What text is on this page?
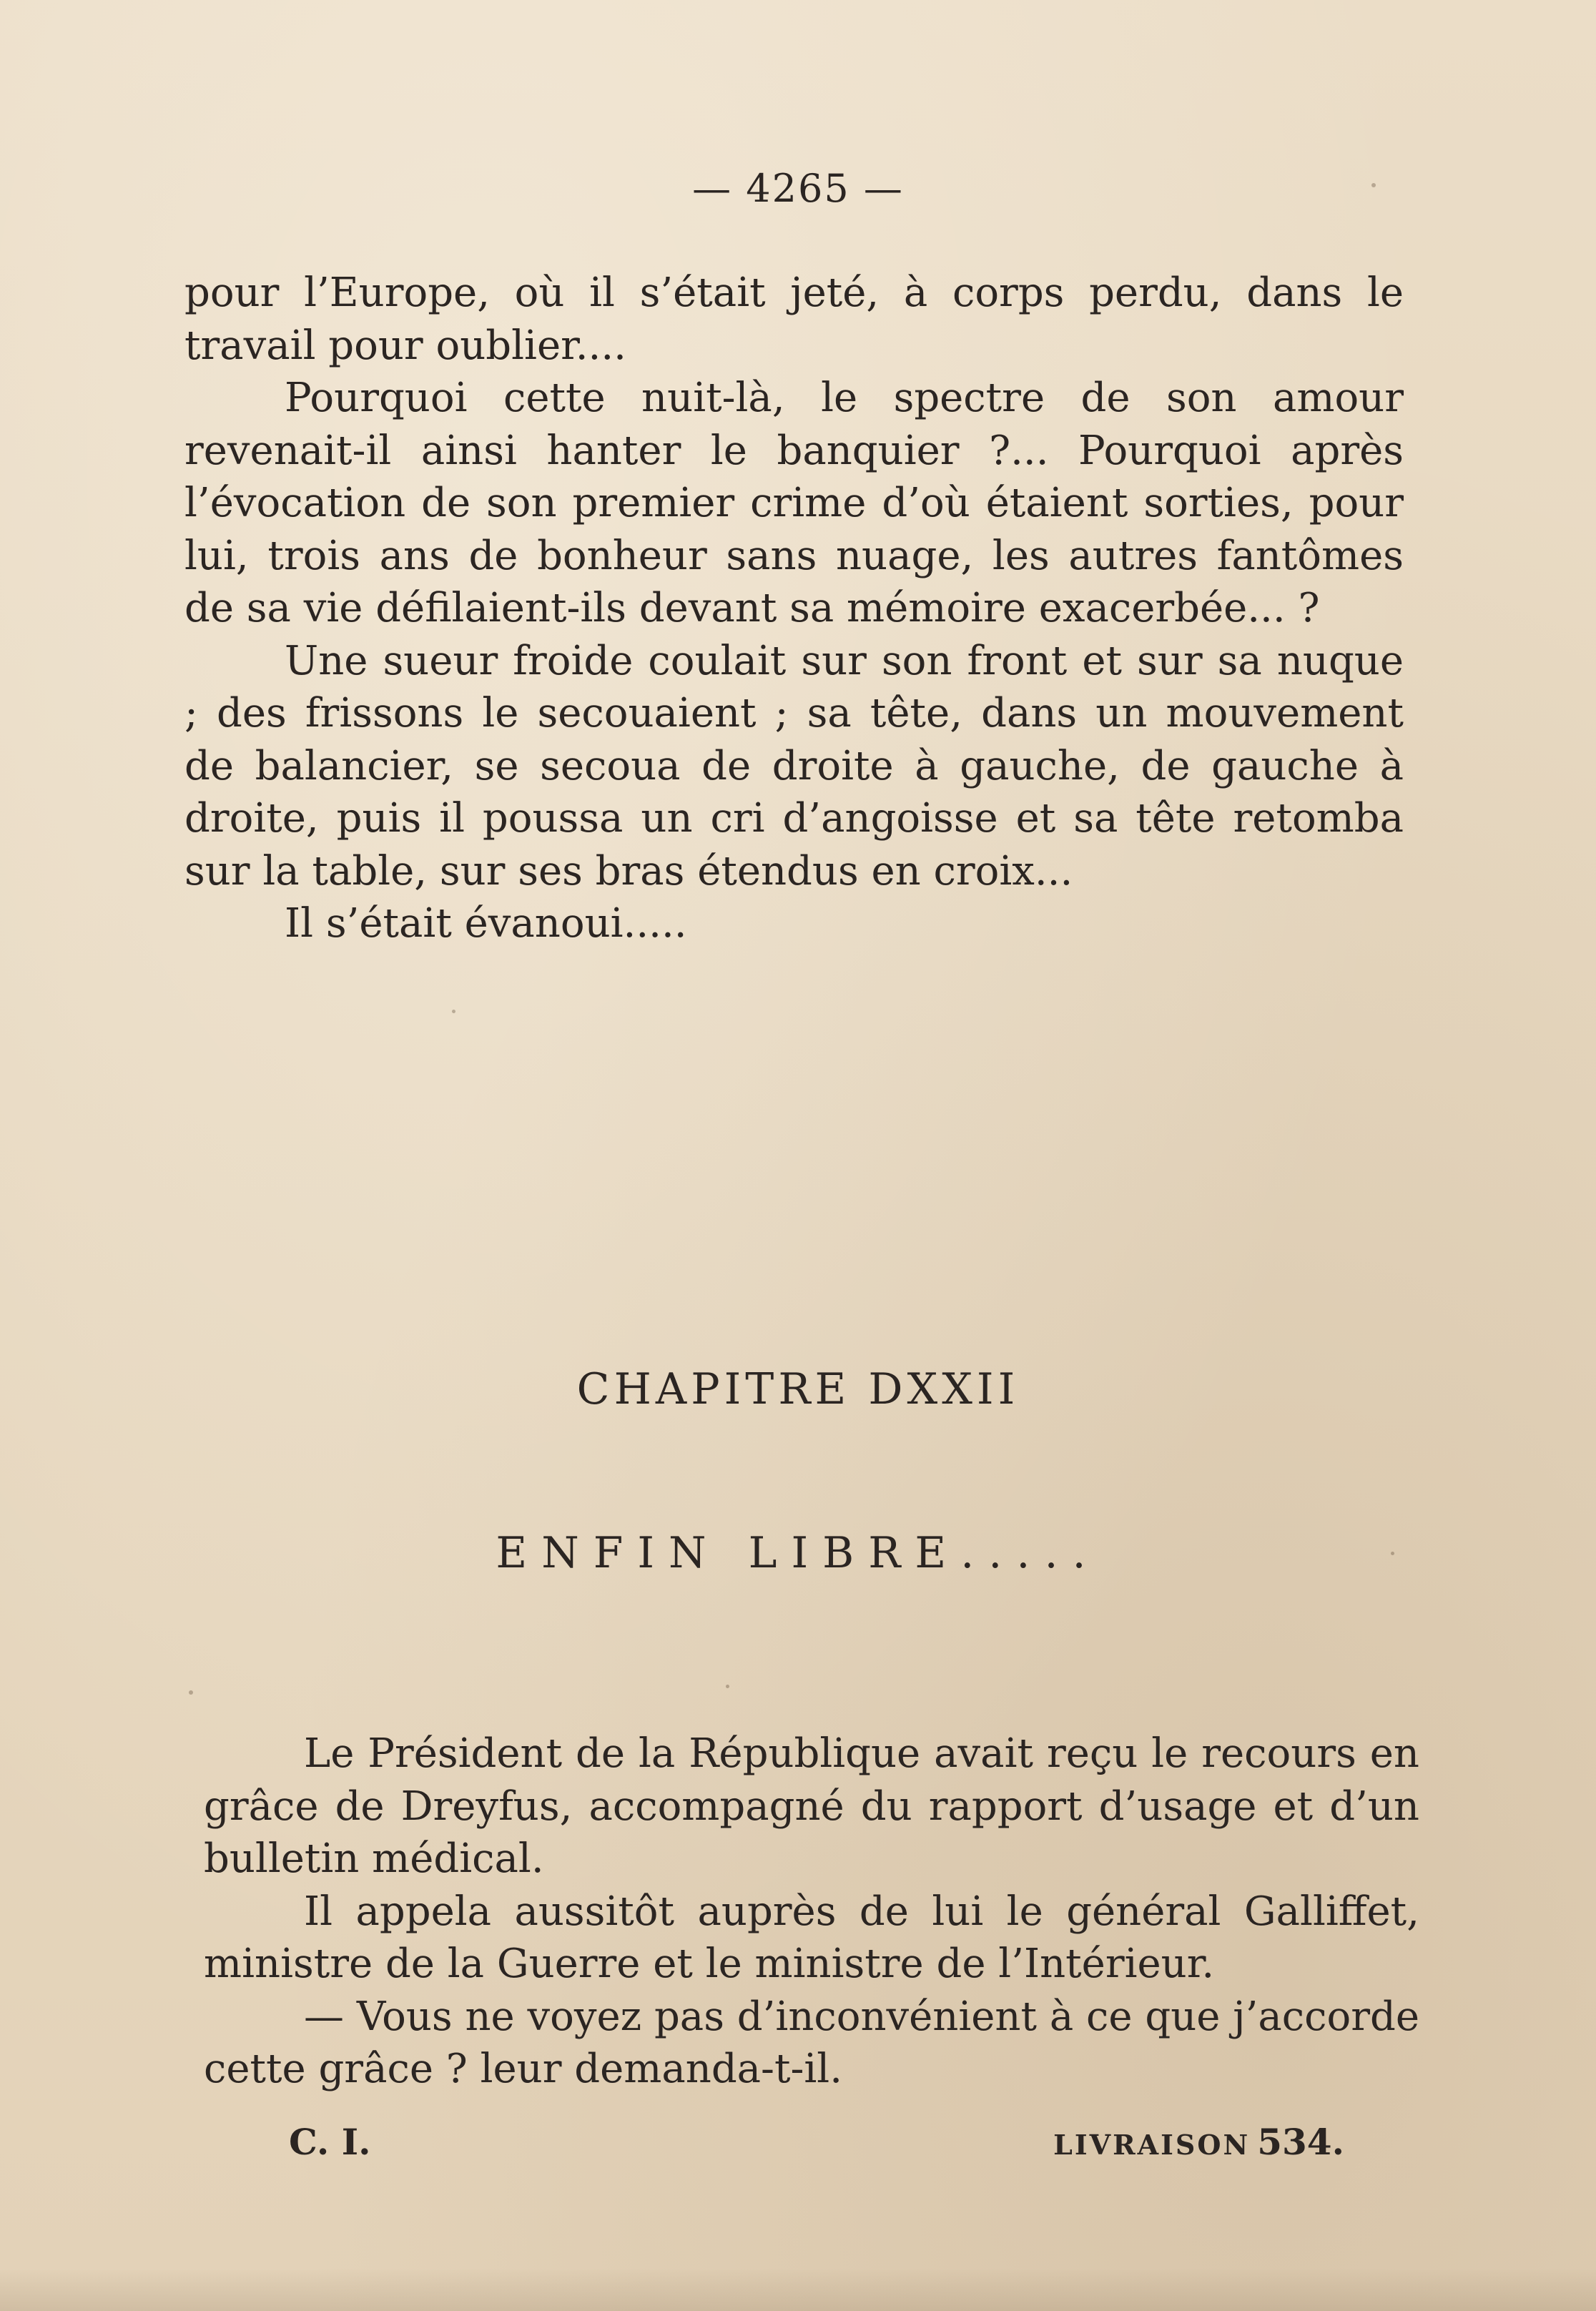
— 4265 —

pour l’Europe, où il s’était jeté, à corps perdu, dans le travail pour oublier....

Pourquoi cette nuit-là, le spectre de son amour revenait-il ainsi hanter le banquier ?... Pourquoi après l’évocation de son premier crime d’où étaient sorties, pour lui, trois ans de bonheur sans nuage, les autres fantômes de sa vie défilaient-ils devant sa mémoire exacerbée... ?

Une sueur froide coulait sur son front et sur sa nuque ; des frissons le secouaient ; sa tête, dans un mouvement de balancier, se secoua de droite à gauche, de gauche à droite, puis il poussa un cri d’angoisse et sa tête retomba sur la table, sur ses bras étendus en croix...

Il s’était évanoui.....

CHAPITRE DXXII
ENFIN LIBRE.....

Le Président de la République avait reçu le recours en grâce de Dreyfus, accompagné du rapport d’usage et d’un bulletin médical.

Il appela aussitôt auprès de lui le général Galliffet, ministre de la Guerre et le ministre de l’Intérieur.

— Vous ne voyez pas d’inconvénient à ce que j’accorde cette grâce ? leur demanda-t-il.

C. I.	LIVRAISON 534.
